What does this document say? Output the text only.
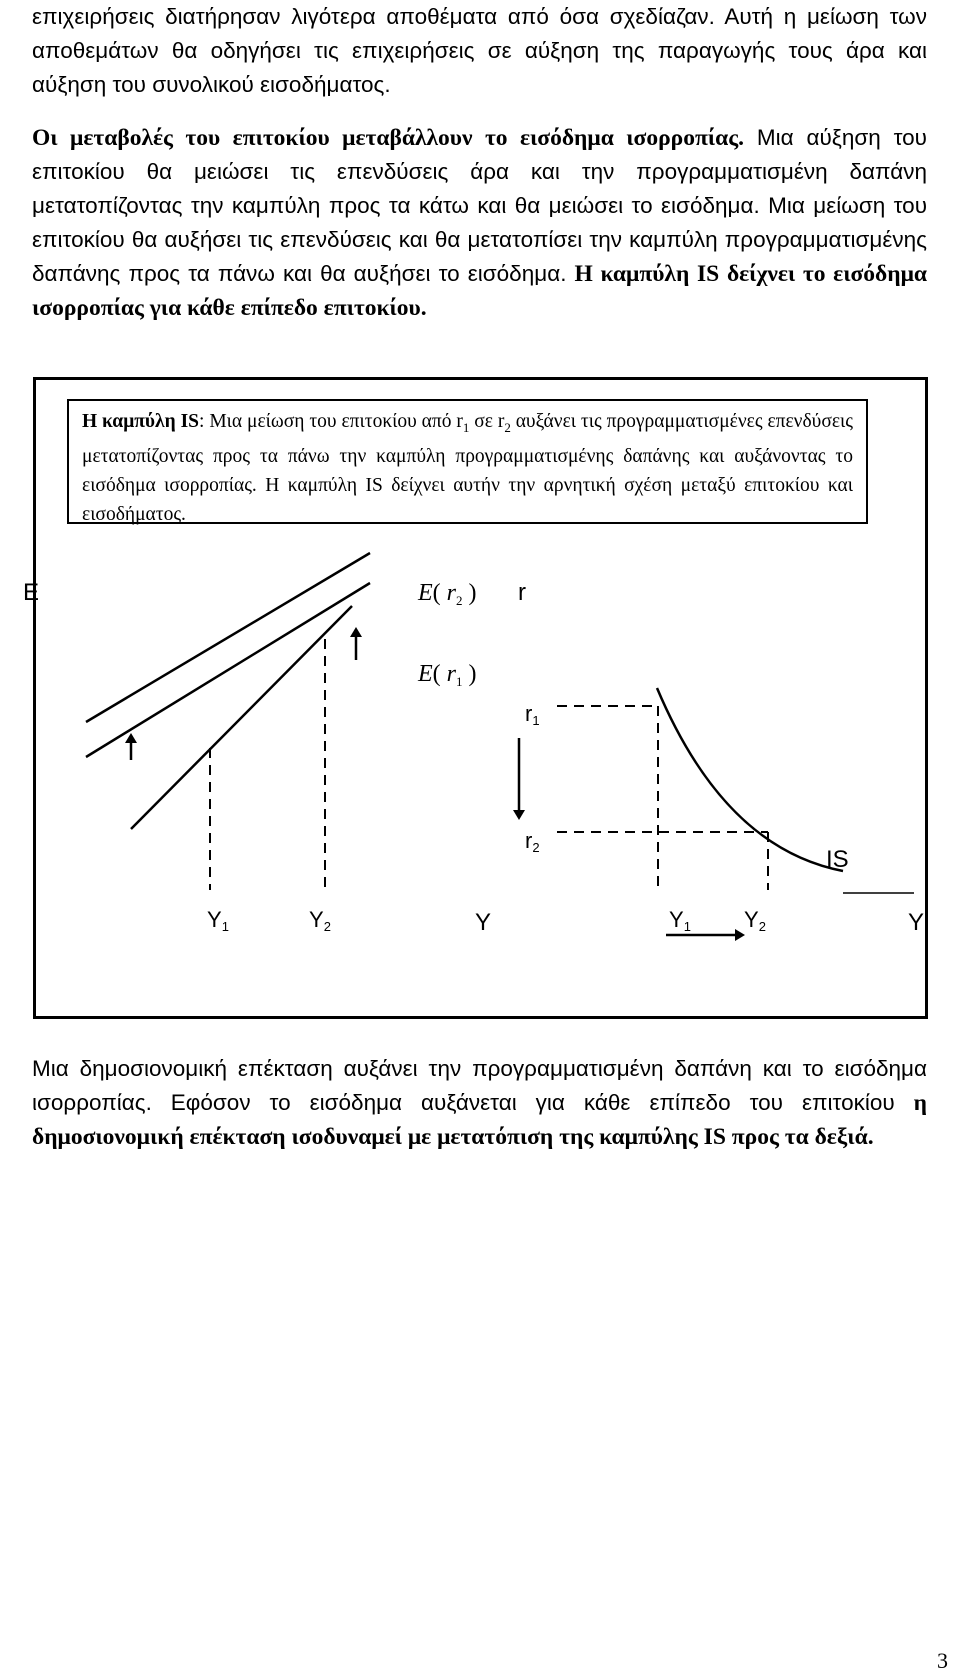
επιχειρήσεις διατήρησαν λιγότερα αποθέματα από όσα σχεδίαζαν. Αυτή η μείωση των αποθεμάτων θα οδηγήσει τις επιχειρήσεις σε αύξηση της παραγωγής τους άρα και αύξηση του συνολικού εισοδήματος.

Οι μεταβολές του επιτοκίου μεταβάλλουν το εισόδημα ισορροπίας. Μια αύξηση του επιτοκίου θα μειώσει τις επενδύσεις άρα και την προγραμματισμένη δαπάνη μετατοπίζοντας την καμπύλη προς τα κάτω και θα μειώσει το εισόδημα. Μια μείωση του επιτοκίου θα αυξήσει τις επενδύσεις και θα μετατοπίσει την καμπύλη προγραμματισμένης δαπάνης προς τα πάνω και θα αυξήσει το εισόδημα. Η καμπύλη IS δείχνει το εισόδημα ισορροπίας για κάθε επίπεδο επιτοκίου.

Η καμπύλη IS: Μια μείωση του επιτοκίου από $r_1$ σε $r_2$ αυξάνει τις προγραμματισμένες επενδύσεις μετατοπίζοντας προς τα πάνω την καμπύλη προγραμματισμένης δαπάνης και αυξάνοντας το εισόδημα ισορροπίας. Η καμπύλη IS δείχνει αυτήν την αρνητική σχέση μεταξύ επιτοκίου και εισοδήματος.
E	E( $r_2$ )
E( $r_1$ )
Y1	Y2	Y
r
r1
r2	IS
Y1 Y2	Y

Μια δημοσιονομική επέκταση αυξάνει την προγραμματισμένη δαπάνη και το εισόδημα ισορροπίας. Εφόσον το εισόδημα αυξάνεται για κάθε επίπεδο του επιτοκίου η δημοσιονομική επέκταση ισοδυναμεί με μετατόπιση της καμπύλης IS προς τα δεξιά.

3
